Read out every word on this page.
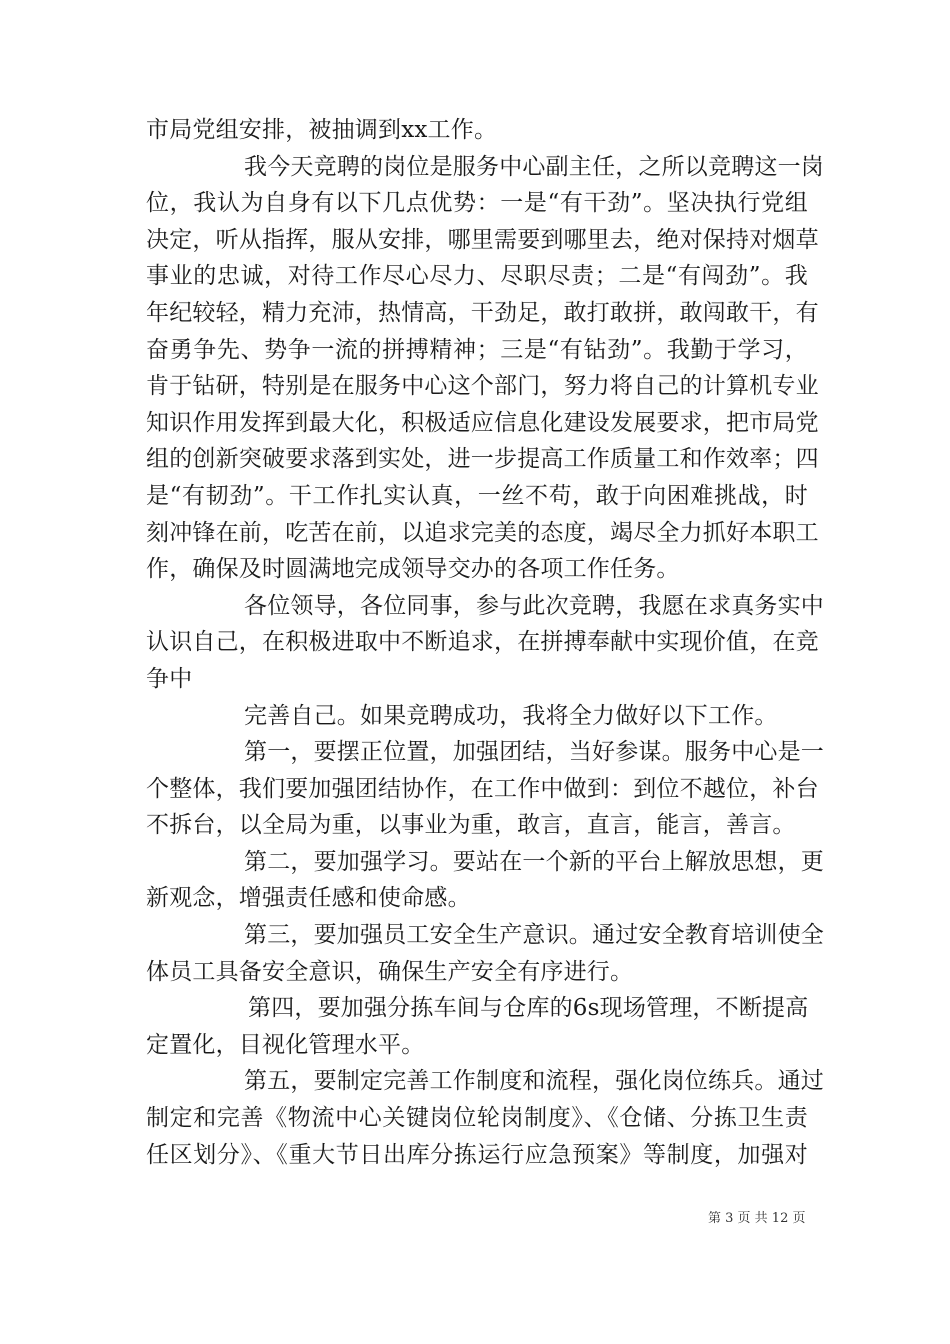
市局党组安排，被抽调到xx工作。
我今天竞聘的岗位是服务中心副主任，之所以竞聘这一岗
位，我认为自身有以下几点优势：一是“有干劲”。坚决执行党组
决定，听从指挥，服从安排，哪里需要到哪里去，绝对保持对烟草
事业的忠诚，对待工作尽心尽力、尽职尽责；二是“有闯劲”。我
年纪较轻，精力充沛，热情高，干劲足，敢打敢拼，敢闯敢干，有
奋勇争先、势争一流的拼搏精神；三是“有钻劲”。我勤于学习，
肯于钻研，特别是在服务中心这个部门，努力将自己的计算机专业
知识作用发挥到最大化，积极适应信息化建设发展要求，把市局党
组的创新突破要求落到实处，进一步提高工作质量工和作效率；四
是“有韧劲”。干工作扎实认真，一丝不苟，敢于向困难挑战，时
刻冲锋在前，吃苦在前，以追求完美的态度，竭尽全力抓好本职工
作，确保及时圆满地完成领导交办的各项工作任务。
各位领导，各位同事，参与此次竞聘，我愿在求真务实中
认识自己，在积极进取中不断追求，在拼搏奉献中实现价值，在竞
争中
完善自己。如果竞聘成功，我将全力做好以下工作。
第一，要摆正位置，加强团结，当好参谋。服务中心是一
个整体，我们要加强团结协作，在工作中做到：到位不越位，补台
不拆台，以全局为重，以事业为重，敢言，直言，能言，善言。
第二，要加强学习。要站在一个新的平台上解放思想，更
新观念，增强责任感和使命感。
第三，要加强员工安全生产意识。通过安全教育培训使全
体员工具备安全意识，确保生产安全有序进行。
第四，要加强分拣车间与仓库的6s现场管理，不断提高
定置化，目视化管理水平。
第五，要制定完善工作制度和流程，强化岗位练兵。通过
制定和完善《物流中心关键岗位轮岗制度》、《仓储、分拣卫生责
任区划分》、《重大节日出库分拣运行应急预案》等制度，加强对
第 3 页 共 12 页
